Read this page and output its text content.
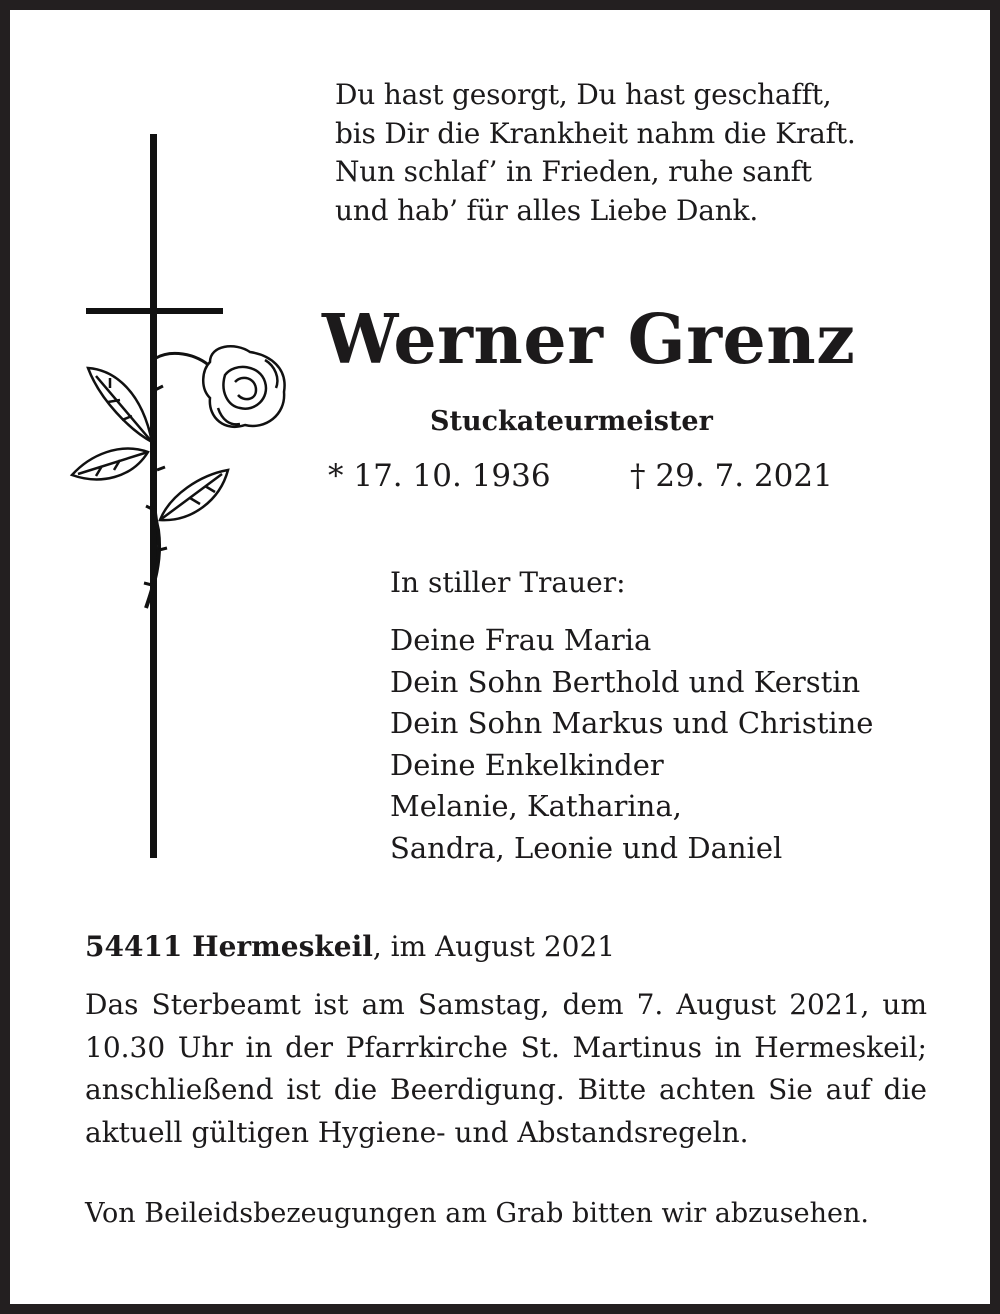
Du hast gesorgt, Du hast geschafft,
bis Dir die Krankheit nahm die Kraft.
Nun schlaf’ in Frieden, ruhe sanft
und hab’ für alles Liebe Dank.
Werner Grenz
Stuckateurmeister
* 17. 10. 1936	† 29. 7. 2021
In stiller Trauer:
Deine Frau Maria
Dein Sohn Berthold und Kerstin
Dein Sohn Markus und Christine
Deine Enkelkinder
Melanie, Katharina,
Sandra, Leonie und Daniel
54411 Hermeskeil, im August 2021
Das Sterbeamt ist am Samstag, dem 7. August 2021, um 10.30 Uhr in der Pfarrkirche St. Martinus in Hermeskeil; anschließend ist die Beerdigung. Bitte achten Sie auf die aktuell gültigen Hygiene- und Abstandsregeln.
Von Beileidsbezeugungen am Grab bitten wir abzusehen.
